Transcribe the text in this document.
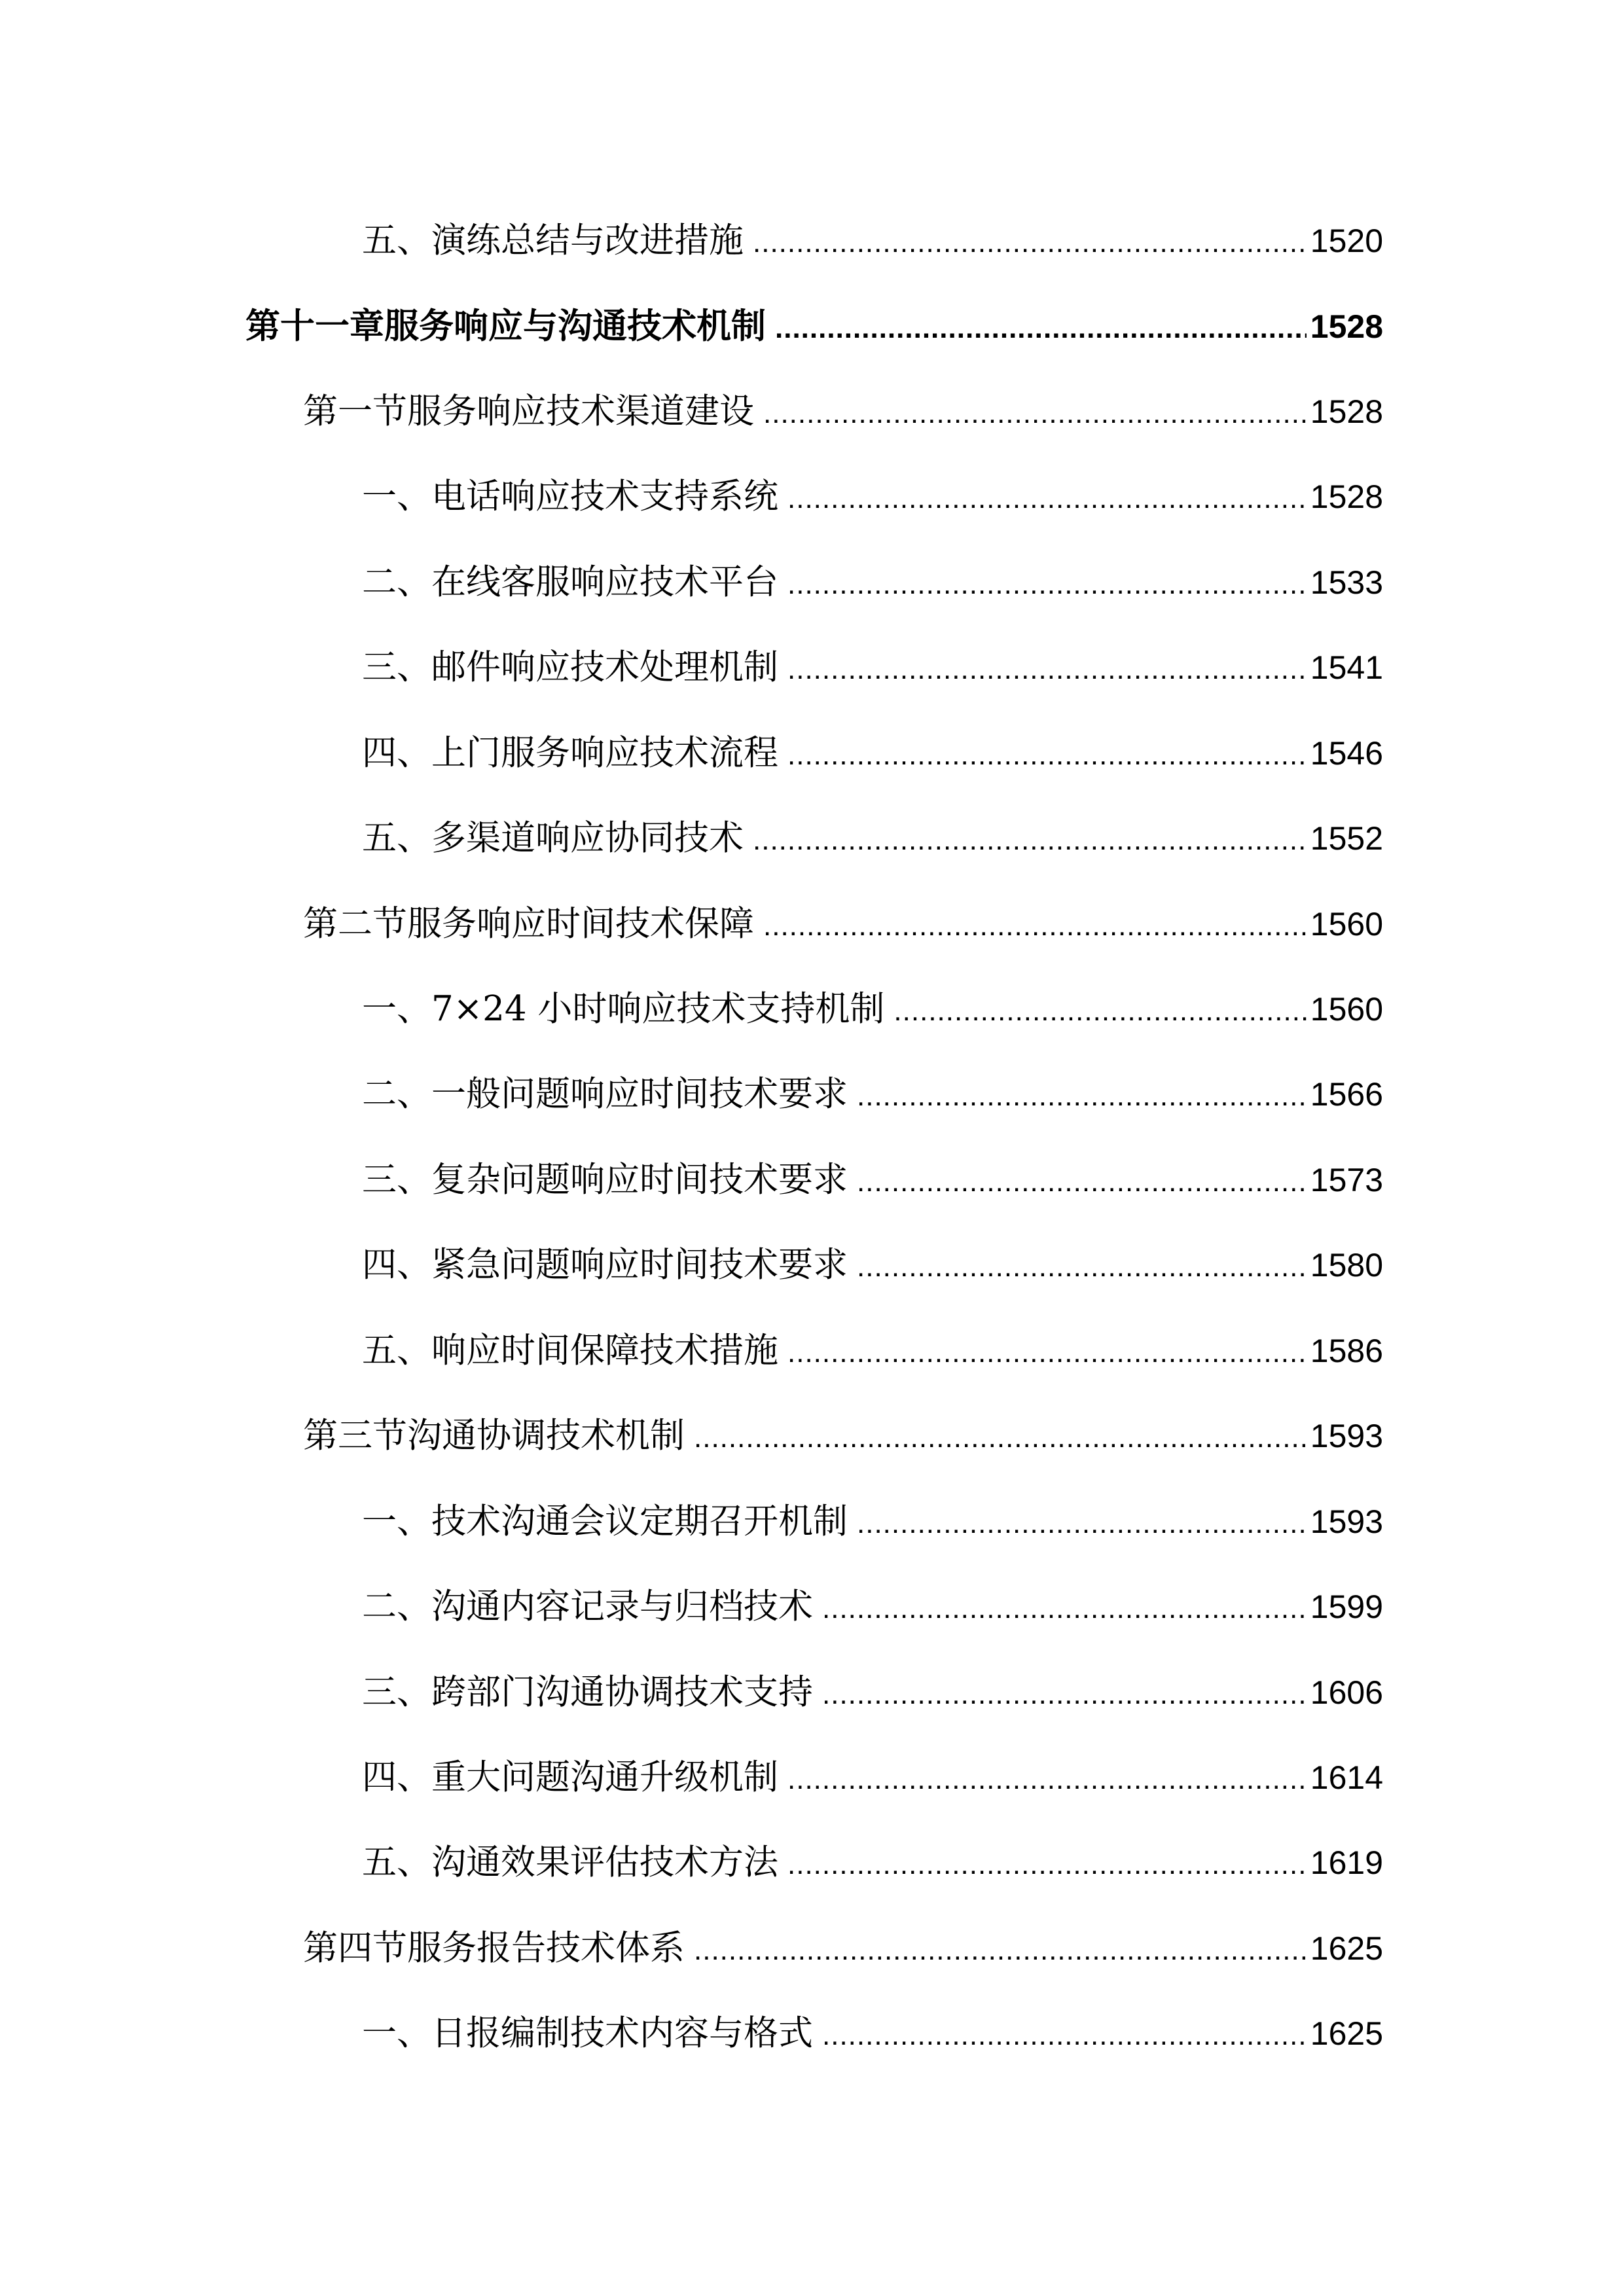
五、演练总结与改进措施 .....	1520
第十一章服务响应与沟通技术机制 .....	1528
第一节服务响应技术渠道建设 .....	1528
一、电话响应技术支持系统 .....	1528
二、在线客服响应技术平台 .....	1533
三、邮件响应技术处理机制 .....	1541
四、上门服务响应技术流程 .....	1546
五、多渠道响应协同技术 .....	1552
第二节服务响应时间技术保障 .....	1560
一、7×24 小时响应技术支持机制 .....	1560
二、一般问题响应时间技术要求 .....	1566
三、复杂问题响应时间技术要求 .....	1573
四、紧急问题响应时间技术要求 .....	1580
五、响应时间保障技术措施 .....	1586
第三节沟通协调技术机制 .....	1593
一、技术沟通会议定期召开机制 .....	1593
二、沟通内容记录与归档技术 .....	1599
三、跨部门沟通协调技术支持 .....	1606
四、重大问题沟通升级机制 .....	1614
五、沟通效果评估技术方法 .....	1619
第四节服务报告技术体系 .....	1625
一、日报编制技术内容与格式 .....	1625
